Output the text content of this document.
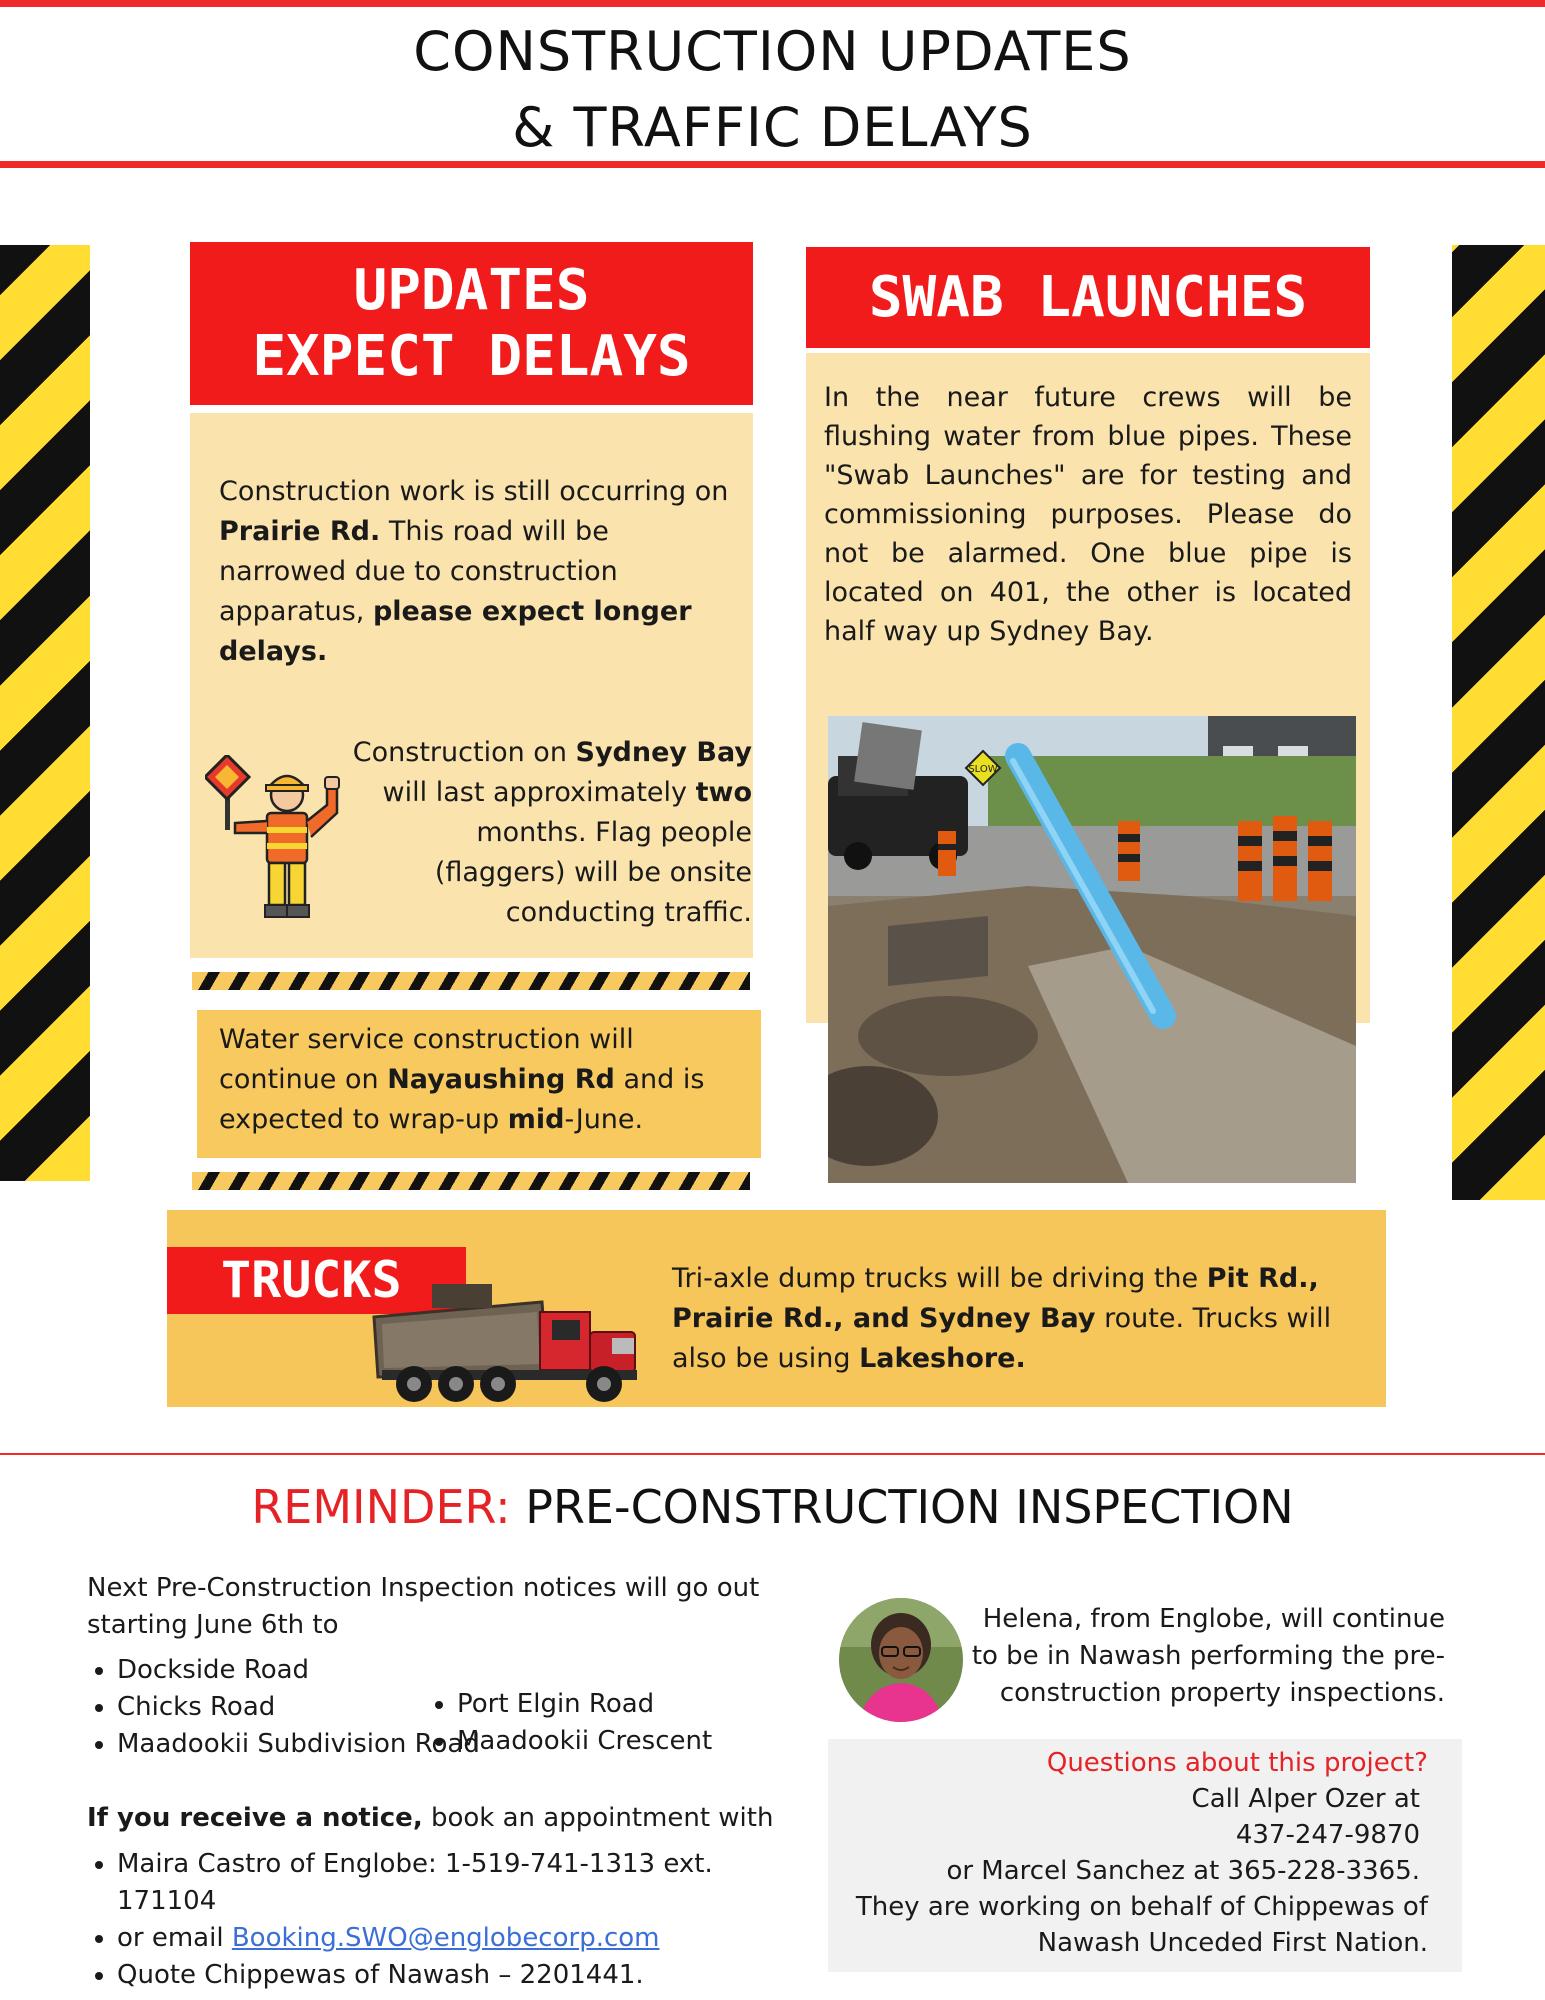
CONSTRUCTION UPDATES
& TRAFFIC DELAYS
UPDATES
EXPECT DELAYS
Construction work is still occurring on Prairie Rd. This road will be narrowed due to construction apparatus, please expect longer delays.
Construction on Sydney Bay will last approximately two months. Flag people (flaggers) will be onsite conducting traffic.
Water service construction will continue on Nayaushing Rd and is expected to wrap-up mid-June.
SWAB LAUNCHES
In the near future crews will be flushing water from blue pipes. These "Swab Launches" are for testing and commissioning purposes. Please do not be alarmed. One blue pipe is located on 401, the other is located half way up Sydney Bay.
SLOW
TRUCKS	Tri-axle dump trucks will be driving the Pit Rd., Prairie Rd., and Sydney Bay route. Trucks will also be using Lakeshore.
REMINDER: PRE-CONSTRUCTION INSPECTION
Next Pre-Construction Inspection notices will go out starting June 6th to
• Dockside Road
• Chicks Road
• Maadookii Subdivision Road
• Port Elgin Road
• Maadookii Crescent
If you receive a notice, book an appointment with
• Maira Castro of Englobe: 1-519-741-1313 ext. 171104
• or email Booking.SWO@englobecorp.com
• Quote Chippewas of Nawash – 2201441.
Helena, from Englobe, will continue to be in Nawash performing the pre-construction property inspections.
Questions about this project?
Call Alper Ozer at
437-247-9870
or Marcel Sanchez at 365-228-3365.
They are working on behalf of Chippewas of
Nawash Unceded First Nation.
